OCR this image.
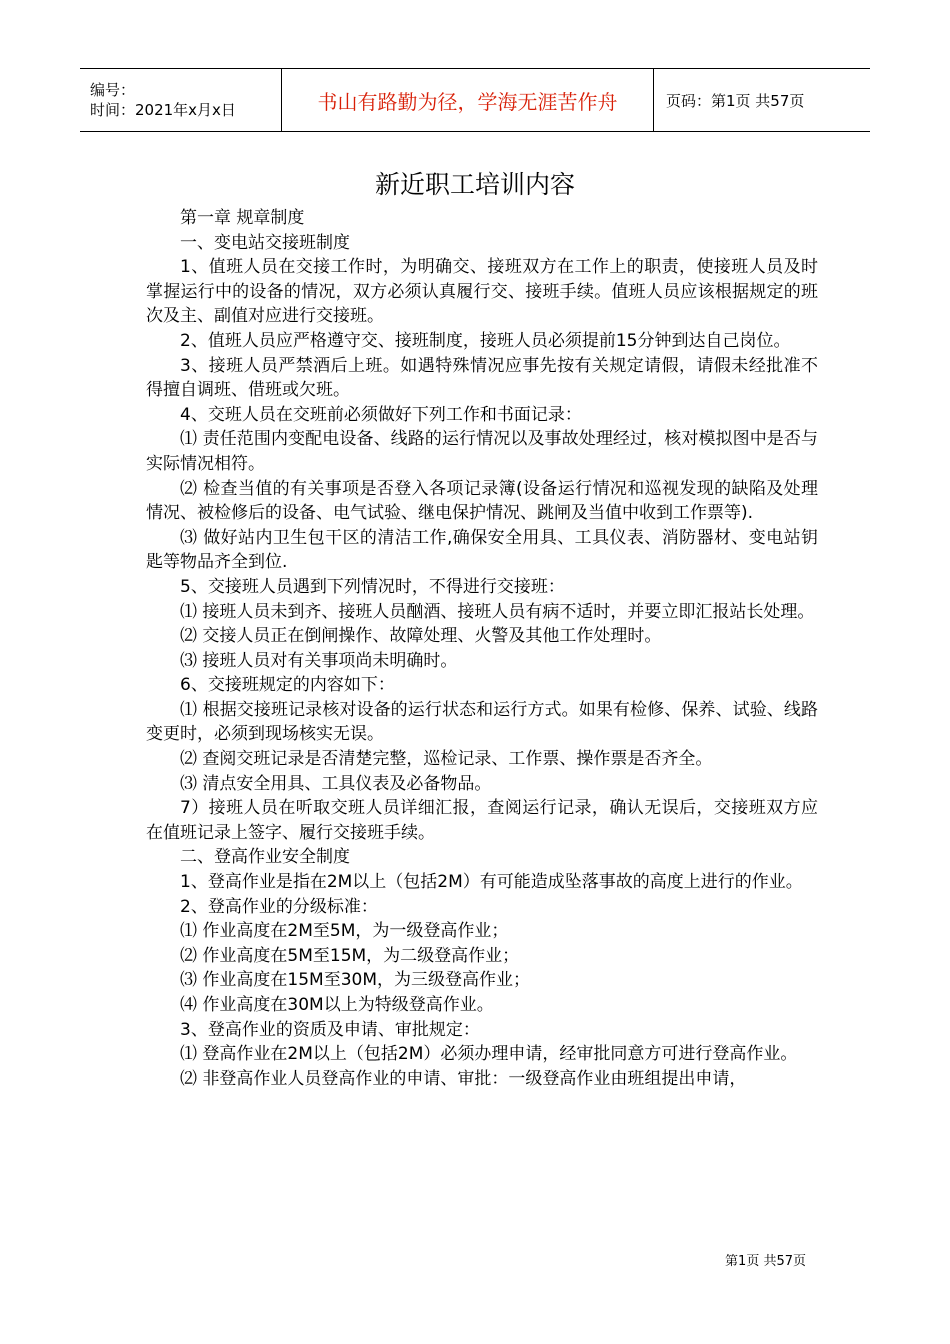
编号：
时间：2021年x月x日	书山有路勤为径，学海无涯苦作舟	页码：第1页 共57页
新近职工培训内容

第一章 规章制度

一、变电站交接班制度

1、值班人员在交接工作时，为明确交、接班双方在工作上的职责，使接班人员及时掌握运行中的设备的情况，双方必须认真履行交、接班手续。值班人员应该根据规定的班次及主、副值对应进行交接班。

2、值班人员应严格遵守交、接班制度，接班人员必须提前15分钟到达自己岗位。

3、接班人员严禁酒后上班。如遇特殊情况应事先按有关规定请假，请假未经批准不得擅自调班、借班或欠班。

4、交班人员在交班前必须做好下列工作和书面记录：

⑴ 责任范围内变配电设备、线路的运行情况以及事故处理经过，核对模拟图中是否与实际情况相符。

⑵ 检查当值的有关事项是否登入各项记录簿(设备运行情况和巡视发现的缺陷及处理情况、被检修后的设备、电气试验、继电保护情况、跳闸及当值中收到工作票等).

⑶ 做好站内卫生包干区的清洁工作,确保安全用具、工具仪表、消防器材、变电站钥匙等物品齐全到位.

5、交接班人员遇到下列情况时，不得进行交接班：

⑴ 接班人员未到齐、接班人员酗酒、接班人员有病不适时，并要立即汇报站长处理。

⑵ 交接人员正在倒闸操作、故障处理、火警及其他工作处理时。

⑶ 接班人员对有关事项尚未明确时。

6、交接班规定的内容如下：

⑴ 根据交接班记录核对设备的运行状态和运行方式。如果有检修、保养、试验、线路变更时，必须到现场核实无误。

⑵ 查阅交班记录是否清楚完整，巡检记录、工作票、操作票是否齐全。

⑶ 清点安全用具、工具仪表及必备物品。

7）接班人员在听取交班人员详细汇报，查阅运行记录，确认无误后，交接班双方应在值班记录上签字、履行交接班手续。

二、登高作业安全制度

1、登高作业是指在2M以上（包括2M）有可能造成坠落事故的高度上进行的作业。

2、登高作业的分级标准：

⑴ 作业高度在2M至5M，为一级登高作业；

⑵ 作业高度在5M至15M，为二级登高作业；

⑶ 作业高度在15M至30M，为三级登高作业；

⑷ 作业高度在30M以上为特级登高作业。

3、登高作业的资质及申请、审批规定：

⑴ 登高作业在2M以上（包括2M）必须办理申请，经审批同意方可进行登高作业。

⑵ 非登高作业人员登高作业的申请、审批：一级登高作业由班组提出申请，

第1页 共57页
